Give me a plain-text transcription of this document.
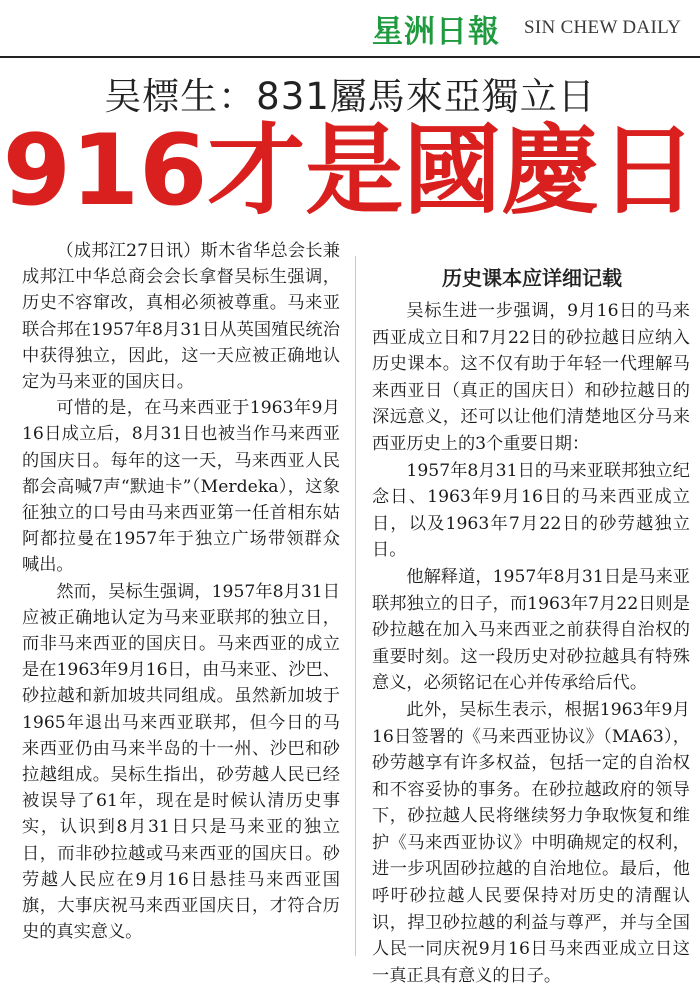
星洲日報 SIN CHEW DAILY
吴標生：831屬馬來亞獨立日
916才是國慶日

（成邦江27日讯）斯木省华总会长兼成邦江中华总商会会长拿督吴标生强调，历史不容窜改，真相必须被尊重。马来亚联合邦在1957年8月31日从英国殖民统治中获得独立，因此，这一天应被正确地认定为马来亚的国庆日。

可惜的是，在马来西亚于1963年9月16日成立后，8月31日也被当作马来西亚的国庆日。每年的这一天，马来西亚人民都会高喊7声“默迪卡”（Merdeka），这象征独立的口号由马来西亚第一任首相东姑阿都拉曼在1957年于独立广场带领群众喊出。

然而，吴标生强调，1957年8月31日应被正确地认定为马来亚联邦的独立日，而非马来西亚的国庆日。马来西亚的成立是在1963年9月16日，由马来亚、沙巴、砂拉越和新加坡共同组成。虽然新加坡于1965年退出马来西亚联邦，但今日的马来西亚仍由马来半岛的十一州、沙巴和砂拉越组成。吴标生指出，砂劳越人民已经被误导了61年，现在是时候认清历史事实，认识到8月31日只是马来亚的独立日，而非砂拉越或马来西亚的国庆日。砂劳越人民应在9月16日悬挂马来西亚国旗，大事庆祝马来西亚国庆日，才符合历史的真实意义。

历史课本应详细记载

吴标生进一步强调，9月16日的马来西亚成立日和7月22日的砂拉越日应纳入历史课本。这不仅有助于年轻一代理解马来西亚日（真正的国庆日）和砂拉越日的深远意义，还可以让他们清楚地区分马来西亚历史上的3个重要日期：

1957年8月31日的马来亚联邦独立纪念日、1963年9月16日的马来西亚成立日，以及1963年7月22日的砂劳越独立日。

他解释道，1957年8月31日是马来亚联邦独立的日子，而1963年7月22日则是砂拉越在加入马来西亚之前获得自治权的重要时刻。这一段历史对砂拉越具有特殊意义，必须铭记在心并传承给后代。

此外，吴标生表示，根据1963年9月16日签署的《马来西亚协议》（MA63），砂劳越享有许多权益，包括一定的自治权和不容妥协的事务。在砂拉越政府的领导下，砂拉越人民将继续努力争取恢复和维护《马来西亚协议》中明确规定的权利，进一步巩固砂拉越的自治地位。最后，他呼吁砂拉越人民要保持对历史的清醒认识，捍卫砂拉越的利益与尊严，并与全国人民一同庆祝9月16日马来西亚成立日这一真正具有意义的日子。
